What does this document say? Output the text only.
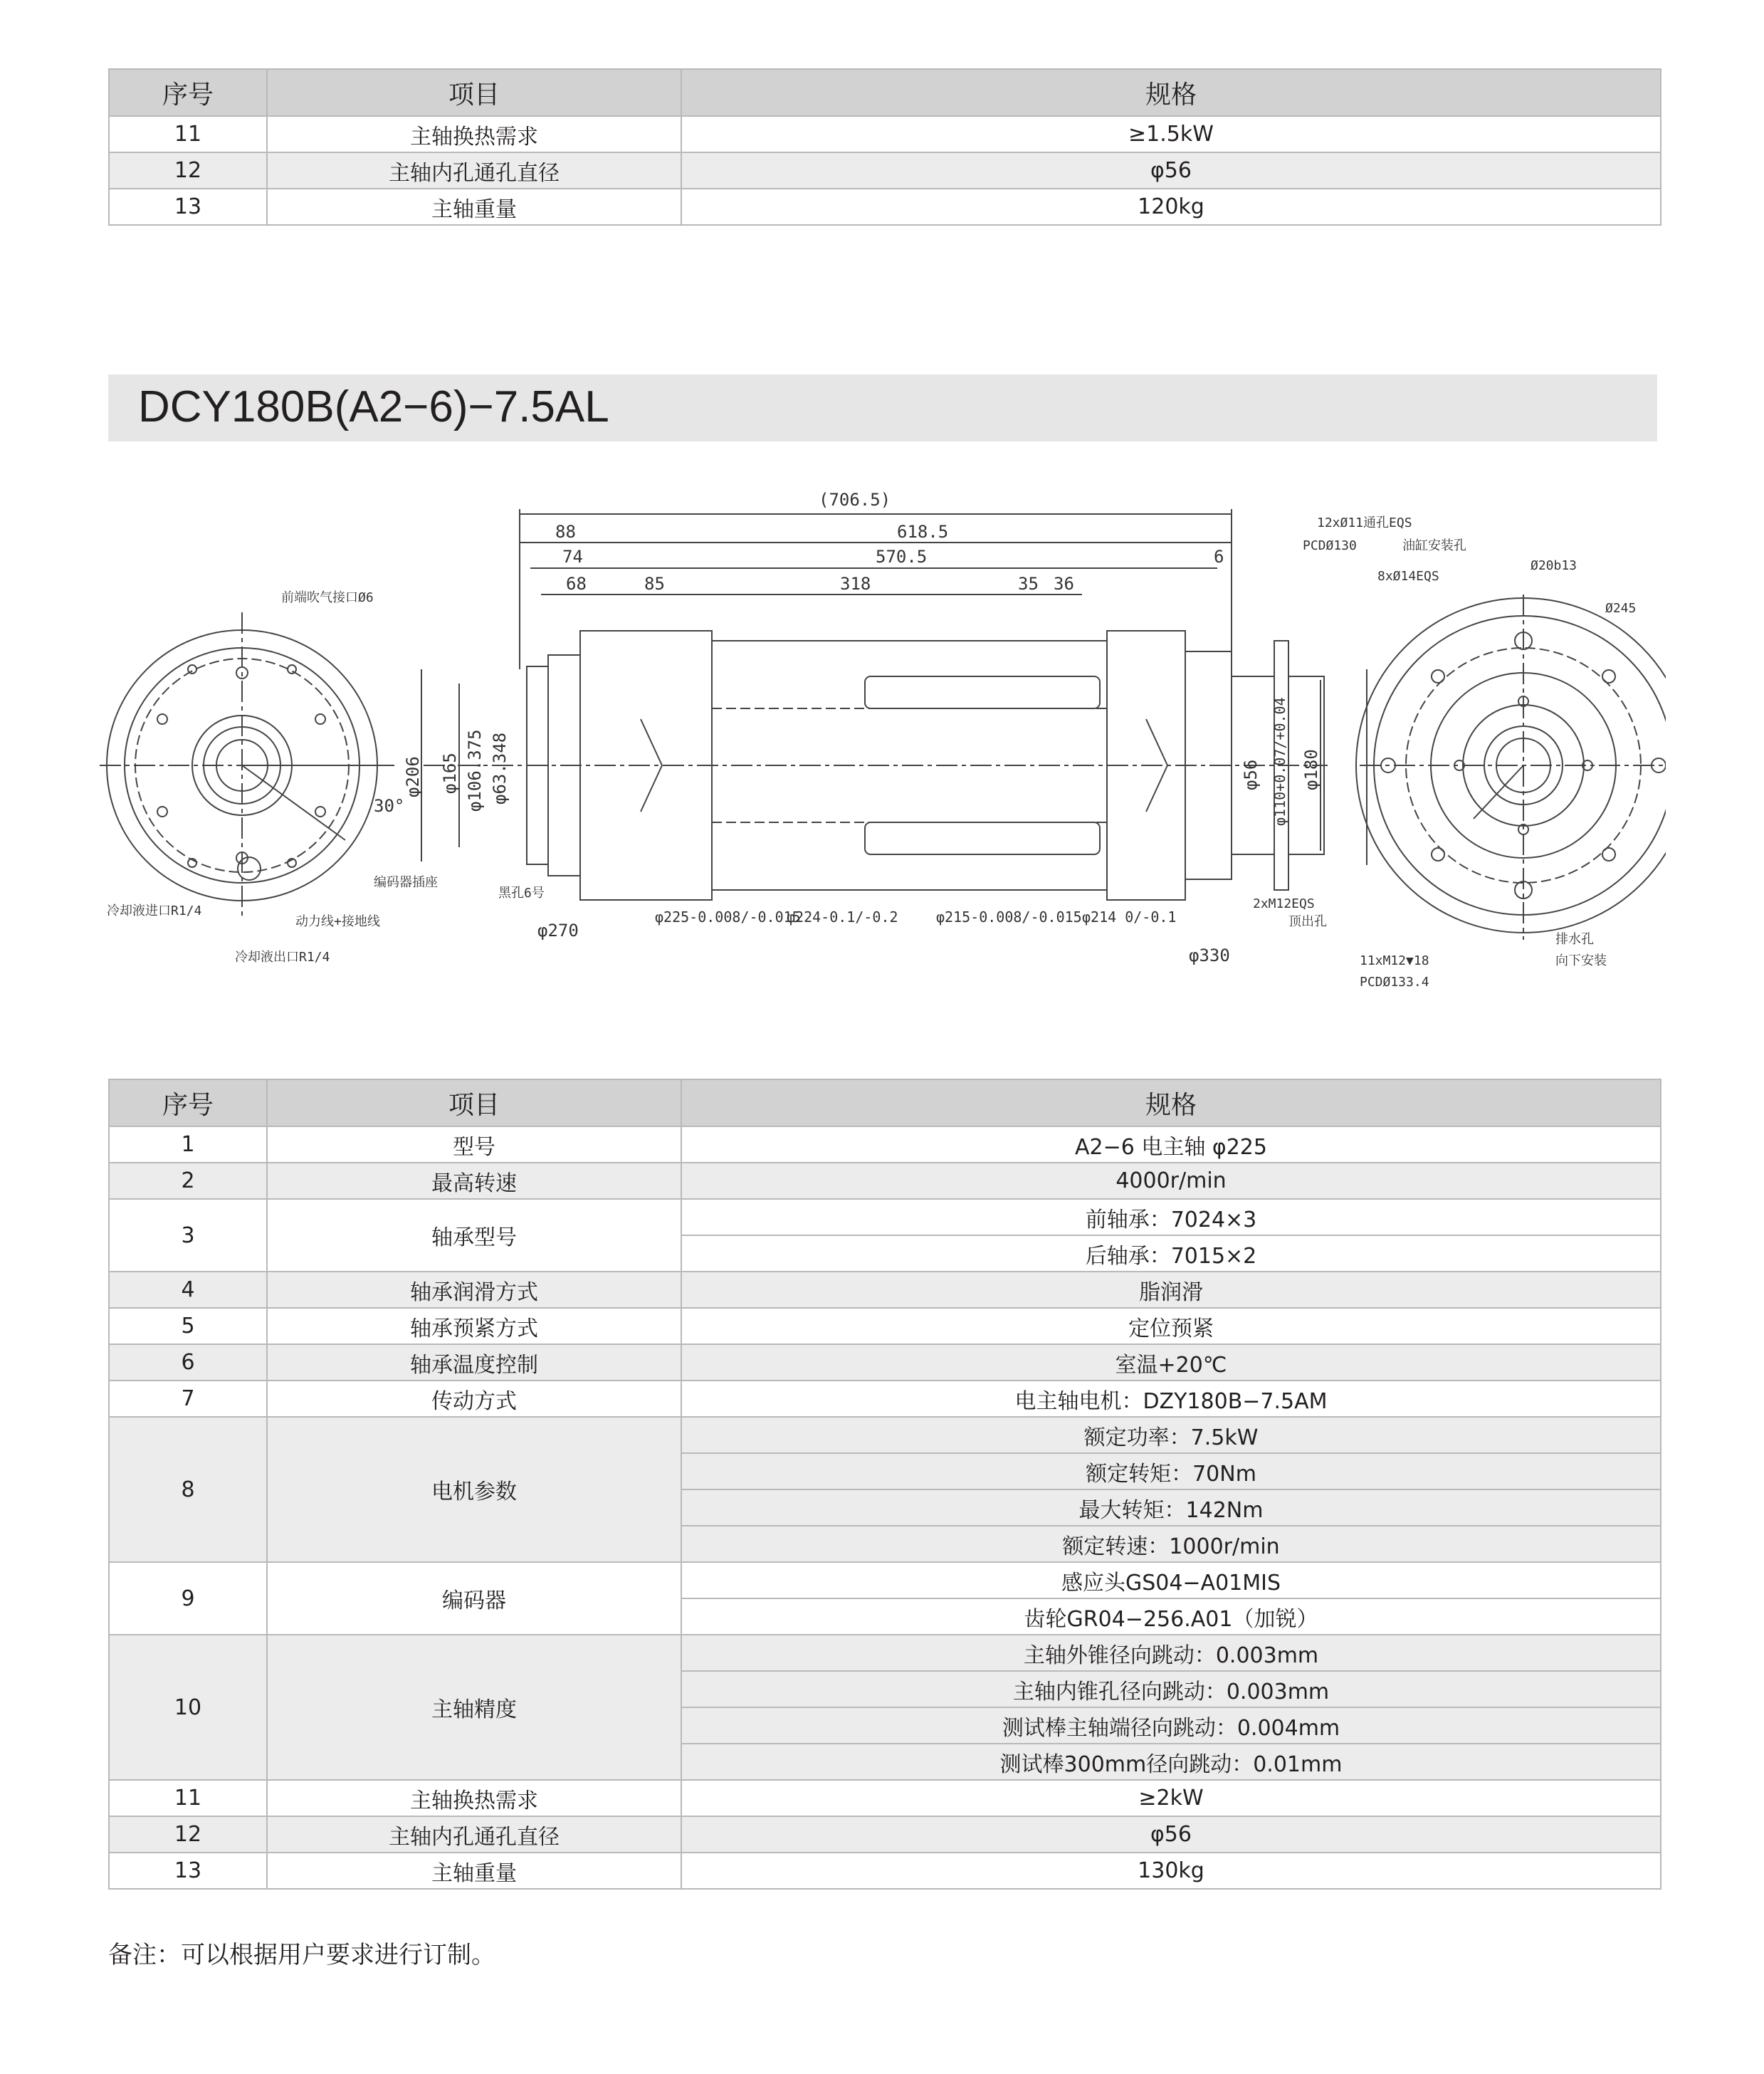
序号	项目	规格
11	主轴换热需求	≥1.5kW
12	主轴内孔通孔直径	φ56
13	主轴重量	120kg
DCY180B(A2−6)−7.5AL
(706.5)
88	618.5
74	570.5	6
68	85	318	35 36
φ206 φ165 φ106.375 φ63.348	φ56 φ110+0.07/+0.04 φ180
φ270
φ225-0.008/-0.015
φ224-0.1/-0.2	φ215-0.008/-0.015 φ214 0/-0.1
φ330
前端吹气接口Ø6
30°
编码器插座
动力线+接地线
冷却液进口R1/4
冷却液出口R1/4
黑孔6号
12xØ11通孔EQS
PCDØ130	油缸安装孔
8xØ14EQS
Ø20b13
Ø245
2xM12EQS
顶出孔
11xM12▼18
PCDØ133.4
排水孔
向下安装
序号	项目	规格
1	型号	A2−6 电主轴 φ225
2	最高转速	4000r/min
3	轴承型号	前轴承：7024×3
		后轴承：7015×2
4	轴承润滑方式	脂润滑
5	轴承预紧方式	定位预紧
6	轴承温度控制	室温+20℃
7	传动方式	电主轴电机：DZY180B−7.5AM
8	电机参数	额定功率：7.5kW
		额定转矩：70Nm
		最大转矩：142Nm
		额定转速：1000r/min
9	编码器	感应头GS04−A01MIS
		齿轮GR04−256.A01（加锐）
10	主轴精度	主轴外锥径向跳动：0.003mm
		主轴内锥孔径向跳动：0.003mm
		测试棒主轴端径向跳动：0.004mm
		测试棒300mm径向跳动：0.01mm
11	主轴换热需求	≥2kW
12	主轴内孔通孔直径	φ56
13	主轴重量	130kg
备注：可以根据用户要求进行订制。
